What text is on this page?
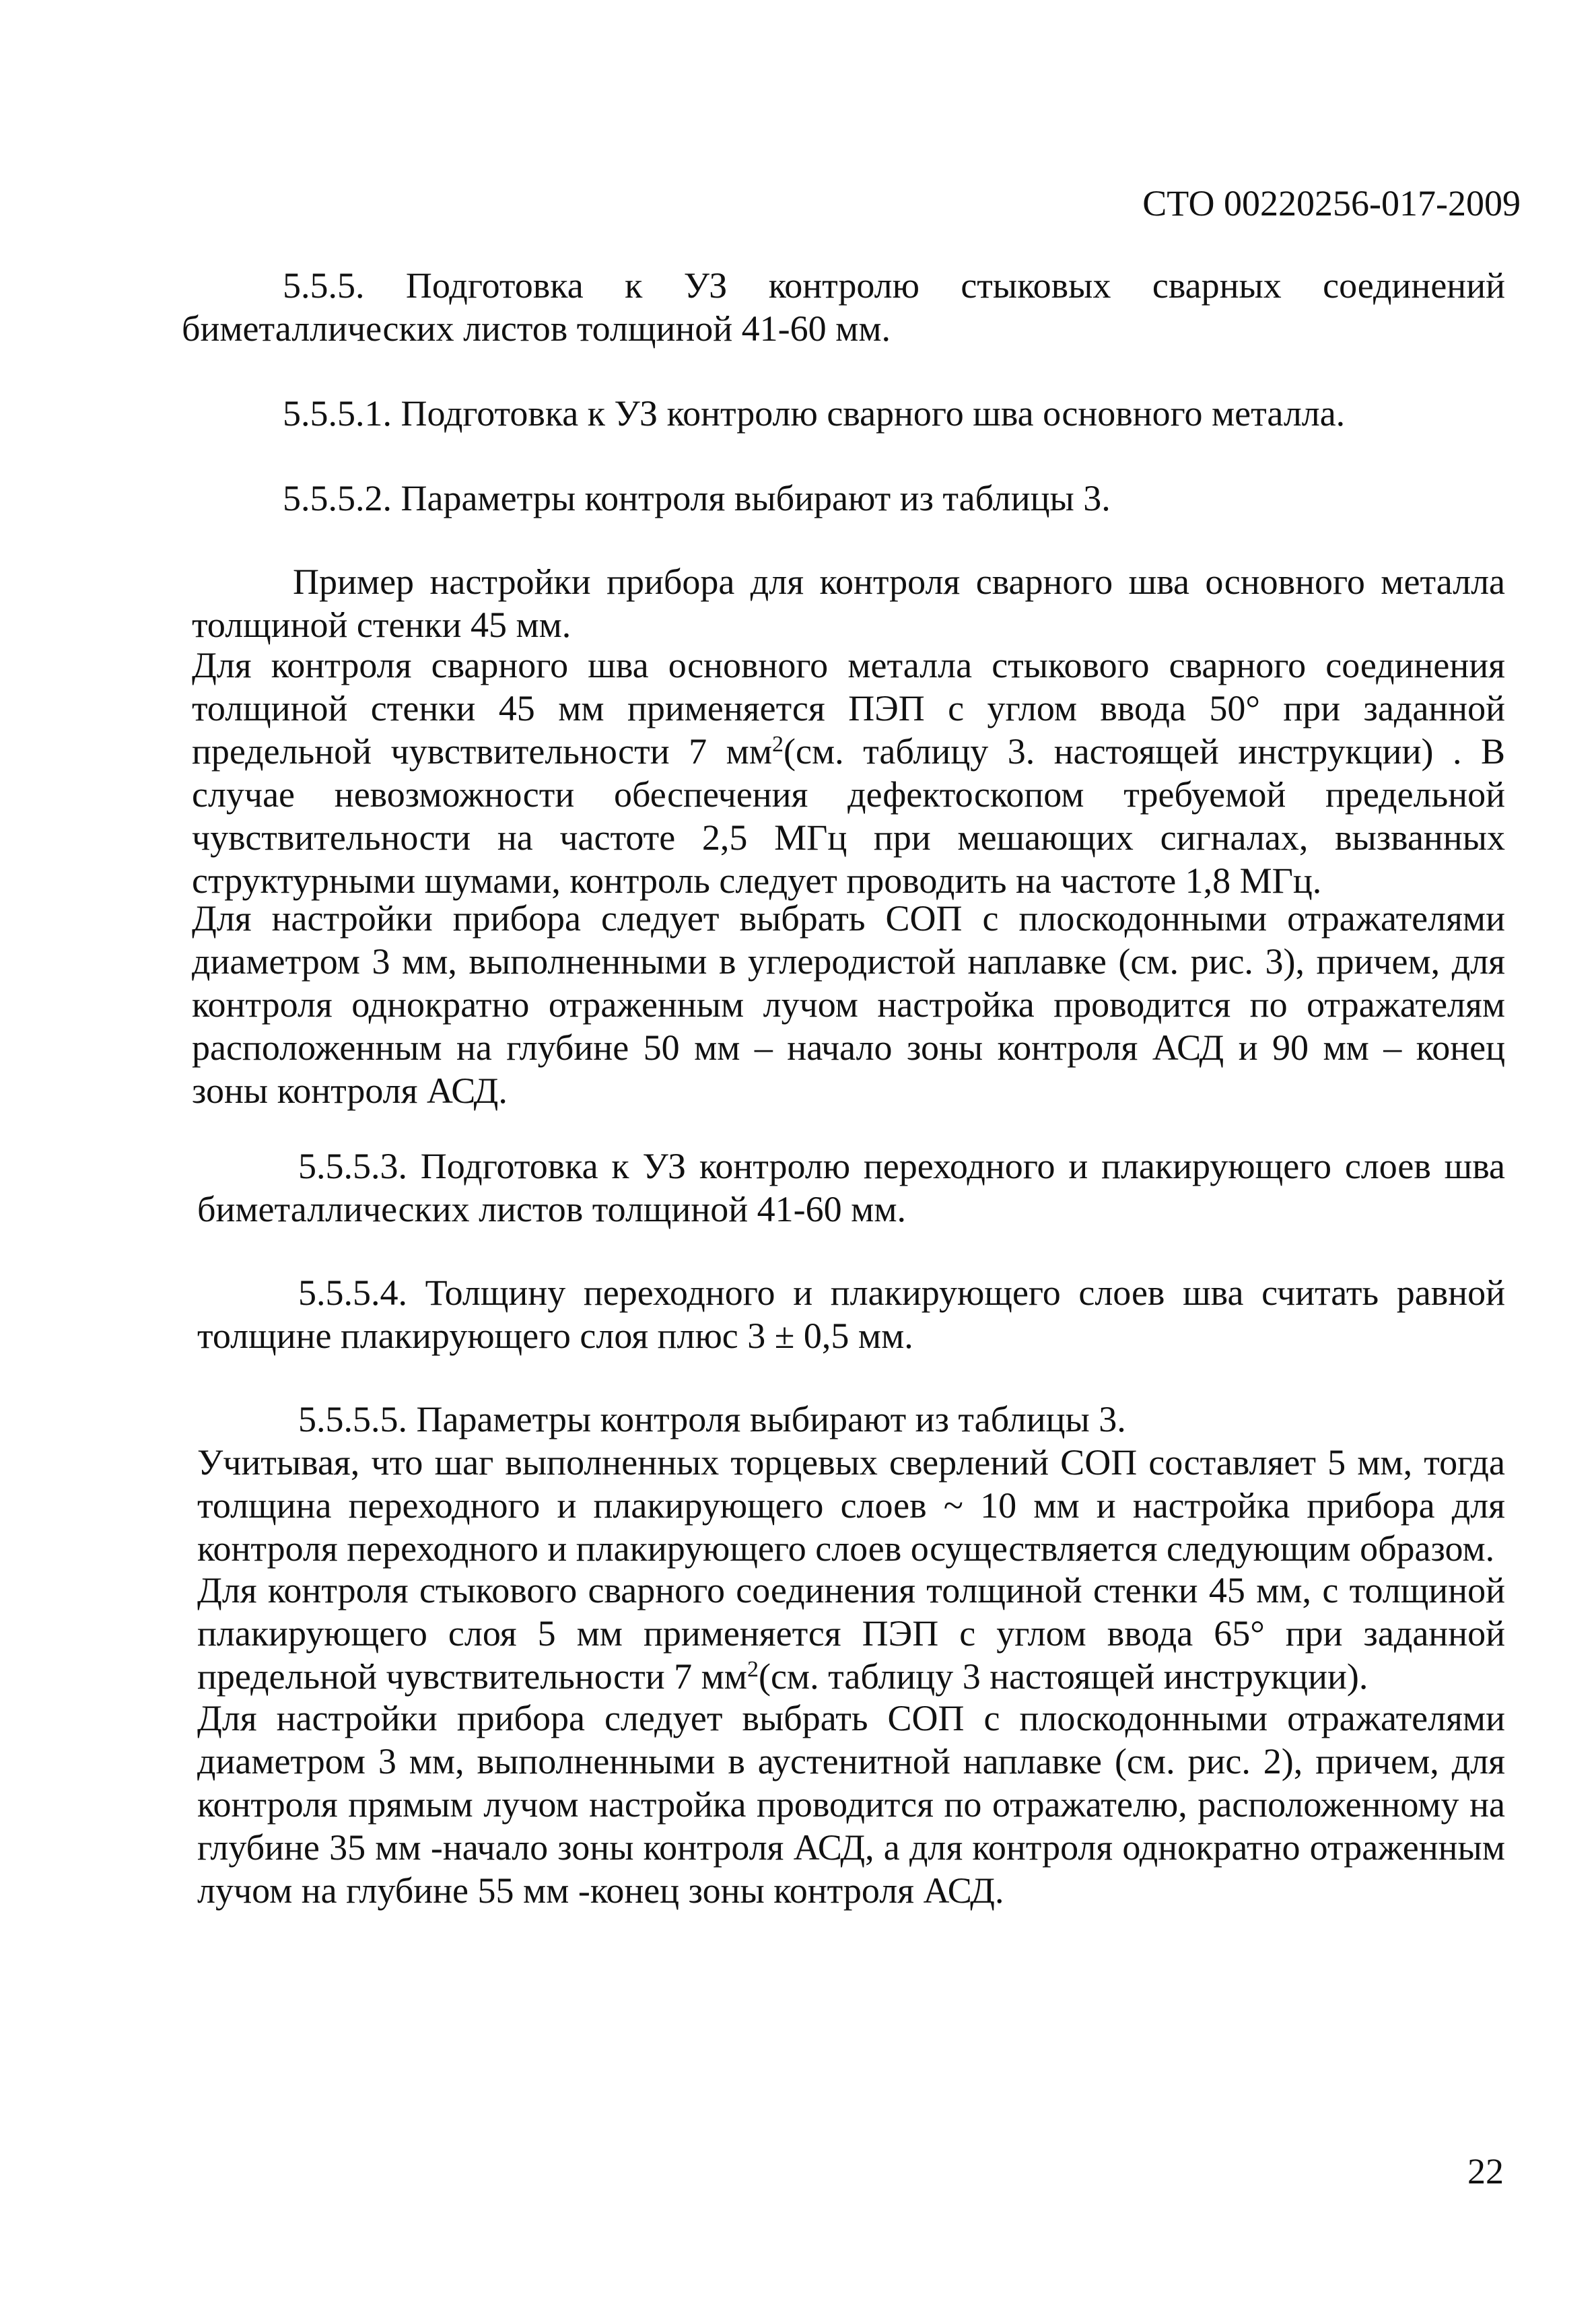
СТО 00220256-017-2009

5.5.5. Подготовка к УЗ контролю стыковых сварных соединений биметаллических листов толщиной 41-60 мм.

5.5.5.1. Подготовка к УЗ контролю сварного шва основного металла.

5.5.5.2. Параметры контроля выбирают из таблицы 3.

Пример настройки прибора для контроля сварного шва основного металла толщиной стенки 45 мм.

Для контроля сварного шва основного металла стыкового сварного соединения толщиной стенки 45 мм применяется ПЭП с углом ввода 50° при заданной предельной чувствительности 7 $мм^2(см$. таблицу 3. настоящей инструкции) . В случае невозможности обеспечения дефектоскопом требуемой предельной чувствительности на частоте 2,5 МГц при мешающих сигналах, вызванных структурными шумами, контроль следует проводить на частоте 1,8 МГц.

Для настройки прибора следует выбрать СОП с плоскодонными отражателями диаметром 3 мм, выполненными в углеродистой наплавке (см. рис. 3), причем, для контроля однократно отраженным лучом настройка проводится по отражателям расположенным на глубине 50 мм – начало зоны контроля АСД и 90 мм – конец зоны контроля АСД.

5.5.5.3. Подготовка к УЗ контролю переходного и плакирующего слоев шва биметаллических листов толщиной 41-60 мм.

5.5.5.4. Толщину переходного и плакирующего слоев шва считать равной толщине плакирующего слоя плюс 3 ± 0,5 мм.

5.5.5.5. Параметры контроля выбирают из таблицы 3.

Учитывая, что шаг выполненных торцевых сверлений СОП составляет 5 мм, тогда толщина переходного и плакирующего слоев ~ 10 мм и настройка прибора для контроля переходного и плакирующего слоев осуществляется следующим образом.

Для контроля стыкового сварного соединения толщиной стенки 45 мм, с толщиной плакирующего слоя 5 мм применяется ПЭП с углом ввода 65° при заданной предельной чувствительности 7 $мм^2(см$. таблицу 3 настоящей инструкции).

Для настройки прибора следует выбрать СОП с плоскодонными отражателями диаметром 3 мм, выполненными в аустенитной наплавке (см. рис. 2), причем, для контроля прямым лучом настройка проводится по отражателю, расположенному на глубине 35 мм -начало зоны контроля АСД, а для контроля однократно отраженным лучом на глубине 55 мм -конец зоны контроля АСД.

22
